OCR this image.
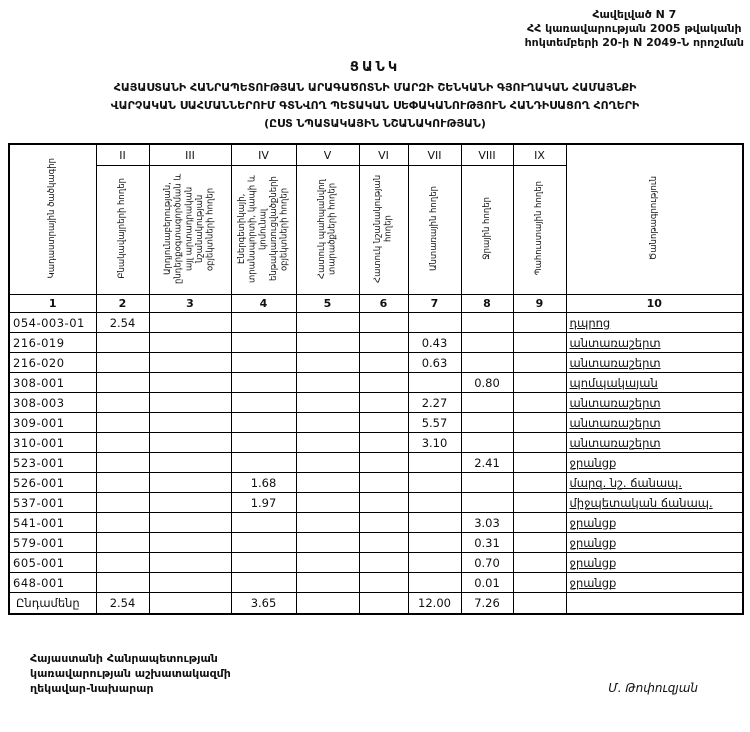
Հավելված N 7
ՀՀ կառավարության 2005 թվականի
հոկտեմբերի 20-ի N 2049-Ն որոշման
ՑԱՆԿ
ՀԱՅԱՍՏԱՆԻ ՀԱՆՐԱՊԵՏՈՒԹՅԱՆ ԱՐԱԳԱԾՈՏՆԻ ՄԱՐԶԻ ՇԵՆԿԱՆԻ ԳՅՈՒՂԱԿԱՆ ՀԱՄԱՅՆՔԻ
ՎԱՐՉԱԿԱՆ ՍԱՀՄԱՆՆԵՐՈՒՄ ԳՏՆՎՈՂ ՊԵՏԱԿԱՆ ՍԵՓԱԿԱՆՈՒԹՅՈՒՆ ՀԱՆԴԻՍԱՑՈՂ ՀՈՂԵՐԻ
(ԸՍՏ ՆՊԱՏԱԿԱՅԻՆ ՆՇԱՆԱԿՈՒԹՅԱՆ)
Կադաստրային ծածկագիր	II	III	IV	V	VI	VII	VIII	IX	Ծանոթագրություն
	Բնակավայրերի հողեր	Արդյունաբերության, ընդերքօգտագործման և այլ արտադրական նշանակության օբյեկտների հողեր	Էներգետիկայի, տրանսպորտի, կապի և կոմունալ ենթակառուցվածքների օբյեկտների հողեր	Հատուկ պահպանվող տարածքների հողեր	Հատուկ նշանակության հողեր	Անտառային հողեր	Ջրային հողեր	Պահուստային հողեր	
1	2	3	4	5	6	7	8	9	10
054-003-01	2.54								դպրոց
216-019						0.43			անտառաշերտ
216-020						0.63			անտառաշերտ
308-001							0.80		պոմպակայան
308-003						2.27			անտառաշերտ
309-001						5.57			անտառաշերտ
310-001						3.10			անտառաշերտ
523-001							2.41		ջրանցք
526-001			1.68						մարզ. նշ. ճանապ.
537-001			1.97						միջպետական ճանապ.
541-001							3.03		ջրանցք
579-001							0.31		ջրանցք
605-001							0.70		ջրանցք
648-001							0.01		ջրանցք
Ընդամենը	2.54		3.65			12.00	7.26		
Հայաստանի Հանրապետության
կառավարության աշխատակազմի
ղեկավար-նախարար	Մ. Թոփուզյան
